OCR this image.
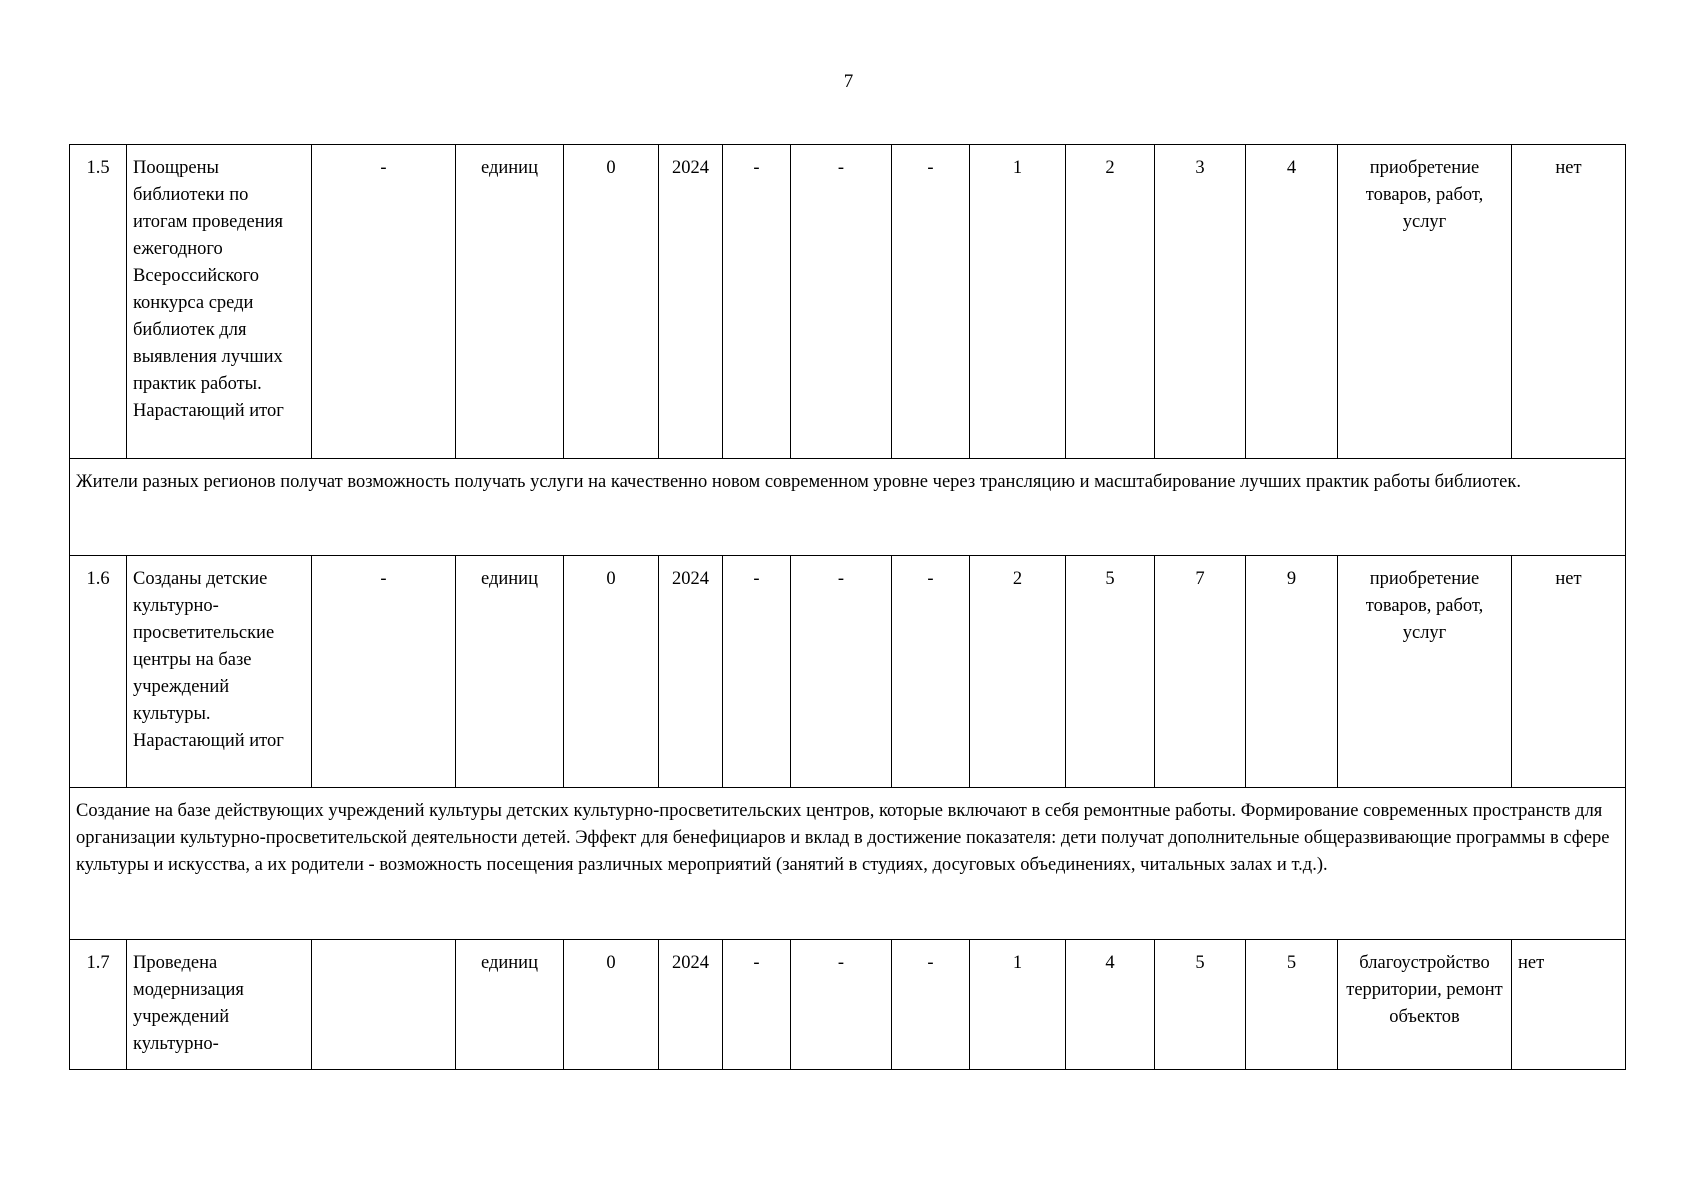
7
1.5	Поощрены библиотеки по итогам проведения ежегодного Всероссийского конкурса среди библиотек для выявления лучших практик работы. Нарастающий итог	-	единиц	0	2024	-	-	-	1	2	3	4	приобретение товаров, работ, услуг	нет
Жители разных регионов получат возможность получать услуги на качественно новом современном уровне через трансляцию и масштабирование лучших практик работы библиотек.														
1.6	Созданы детские культурно-просветительские центры на базе учреждений культуры. Нарастающий итог	-	единиц	0	2024	-	-	-	2	5	7	9	приобретение товаров, работ, услуг	нет
Создание на базе действующих учреждений культуры детских культурно-просветительских центров, которые включают в себя ремонтные работы. Формирование современных пространств для организации культурно-просветительской деятельности детей. Эффект для бенефициаров и вклад в достижение показателя: дети получат дополнительные общеразвивающие программы в сфере культуры и искусства, а их родители - возможность посещения различных мероприятий (занятий в студиях, досуговых объединениях, читальных залах и т.д.).														
1.7	Проведена модернизация учреждений культурно-		единиц	0	2024	-	-	-	1	4	5	5	благоустройство территории, ремонт объектов	нет
